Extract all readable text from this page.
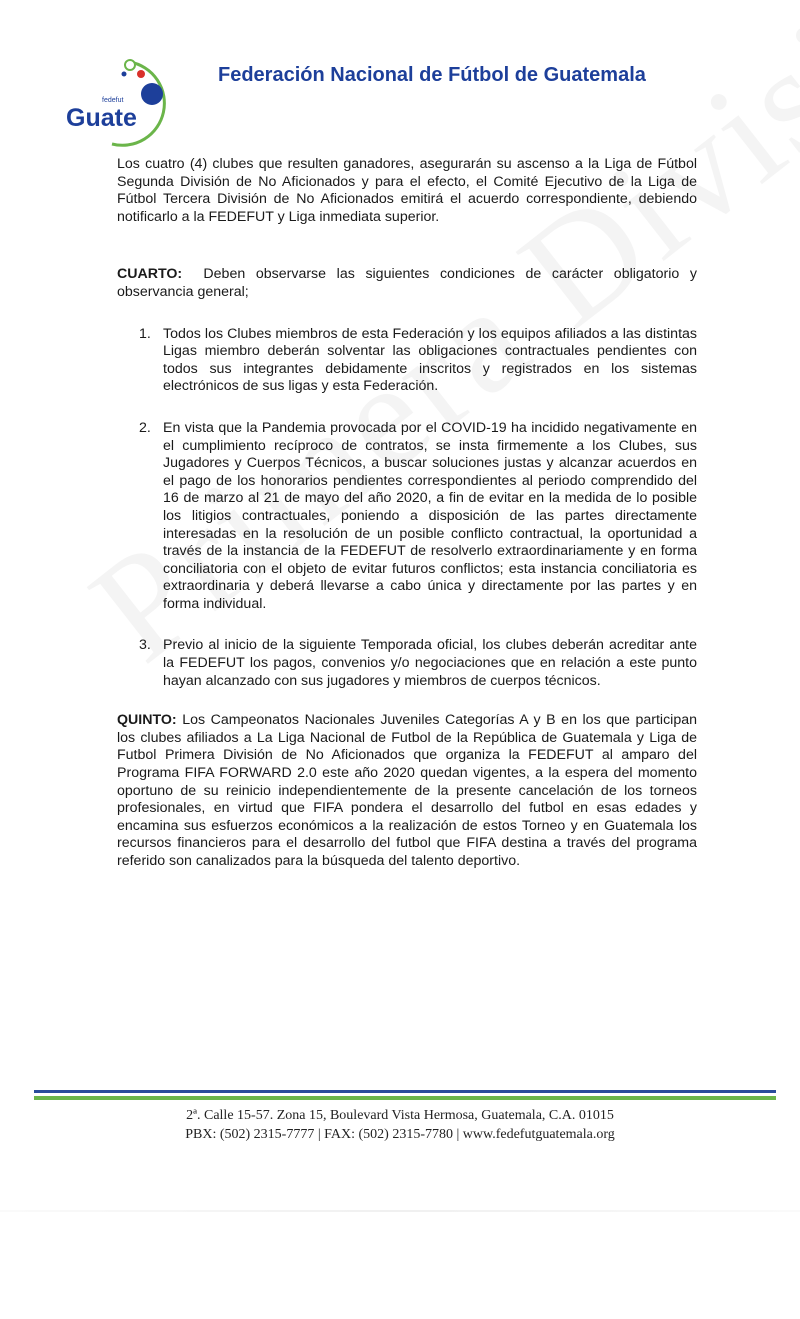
fedefut
Guate
Federación Nacional de Fútbol de Guatemala

Los cuatro (4) clubes que resulten ganadores, asegurarán su ascenso a la Liga de Fútbol Segunda División de No Aficionados y para el efecto, el Comité Ejecutivo de la Liga de Fútbol Tercera División de No Aficionados emitirá el acuerdo correspondiente, debiendo notificarlo a la FEDEFUT y Liga inmediata superior.

CUARTO: Deben observarse las siguientes condiciones de carácter obligatorio y observancia general;

1. Todos los Clubes miembros de esta Federación y los equipos afiliados a las distintas Ligas miembro deberán solventar las obligaciones contractuales pendientes con todos sus integrantes debidamente inscritos y registrados en los sistemas electrónicos de sus ligas y esta Federación.
2. En vista que la Pandemia provocada por el COVID-19 ha incidido negativamente en el cumplimiento recíproco de contratos, se insta firmemente a los Clubes, sus Jugadores y Cuerpos Técnicos, a buscar soluciones justas y alcanzar acuerdos en el pago de los honorarios pendientes correspondientes al periodo comprendido del 16 de marzo al 21 de mayo del año 2020, a fin de evitar en la medida de lo posible los litigios contractuales, poniendo a disposición de las partes directamente interesadas en la resolución de un posible conflicto contractual, la oportunidad a través de la instancia de la FEDEFUT de resolverlo extraordinariamente y en forma conciliatoria con el objeto de evitar futuros conflictos; esta instancia conciliatoria es extraordinaria y deberá llevarse a cabo única y directamente por las partes y en forma individual.
3. Previo al inicio de la siguiente Temporada oficial, los clubes deberán acreditar ante la FEDEFUT los pagos, convenios y/o negociaciones que en relación a este punto hayan alcanzado con sus jugadores y miembros de cuerpos técnicos.

QUINTO: Los Campeonatos Nacionales Juveniles Categorías A y B en los que participan los clubes afiliados a La Liga Nacional de Futbol de la República de Guatemala y Liga de Futbol Primera División de No Aficionados que organiza la FEDEFUT al amparo del Programa FIFA FORWARD 2.0 este año 2020 quedan vigentes, a la espera del momento oportuno de su reinicio independientemente de la presente cancelación de los torneos profesionales, en virtud que FIFA pondera el desarrollo del futbol en esas edades y encamina sus esfuerzos económicos a la realización de estos Torneo y en Guatemala los recursos financieros para el desarrollo del futbol que FIFA destina a través del programa referido son canalizados para la búsqueda del talento deportivo.

2ª. Calle 15-57. Zona 15, Boulevard Vista Hermosa, Guatemala, C.A. 01015
PBX: (502) 2315-7777 | FAX: (502) 2315-7780 | www.fedefutguatemala.org
